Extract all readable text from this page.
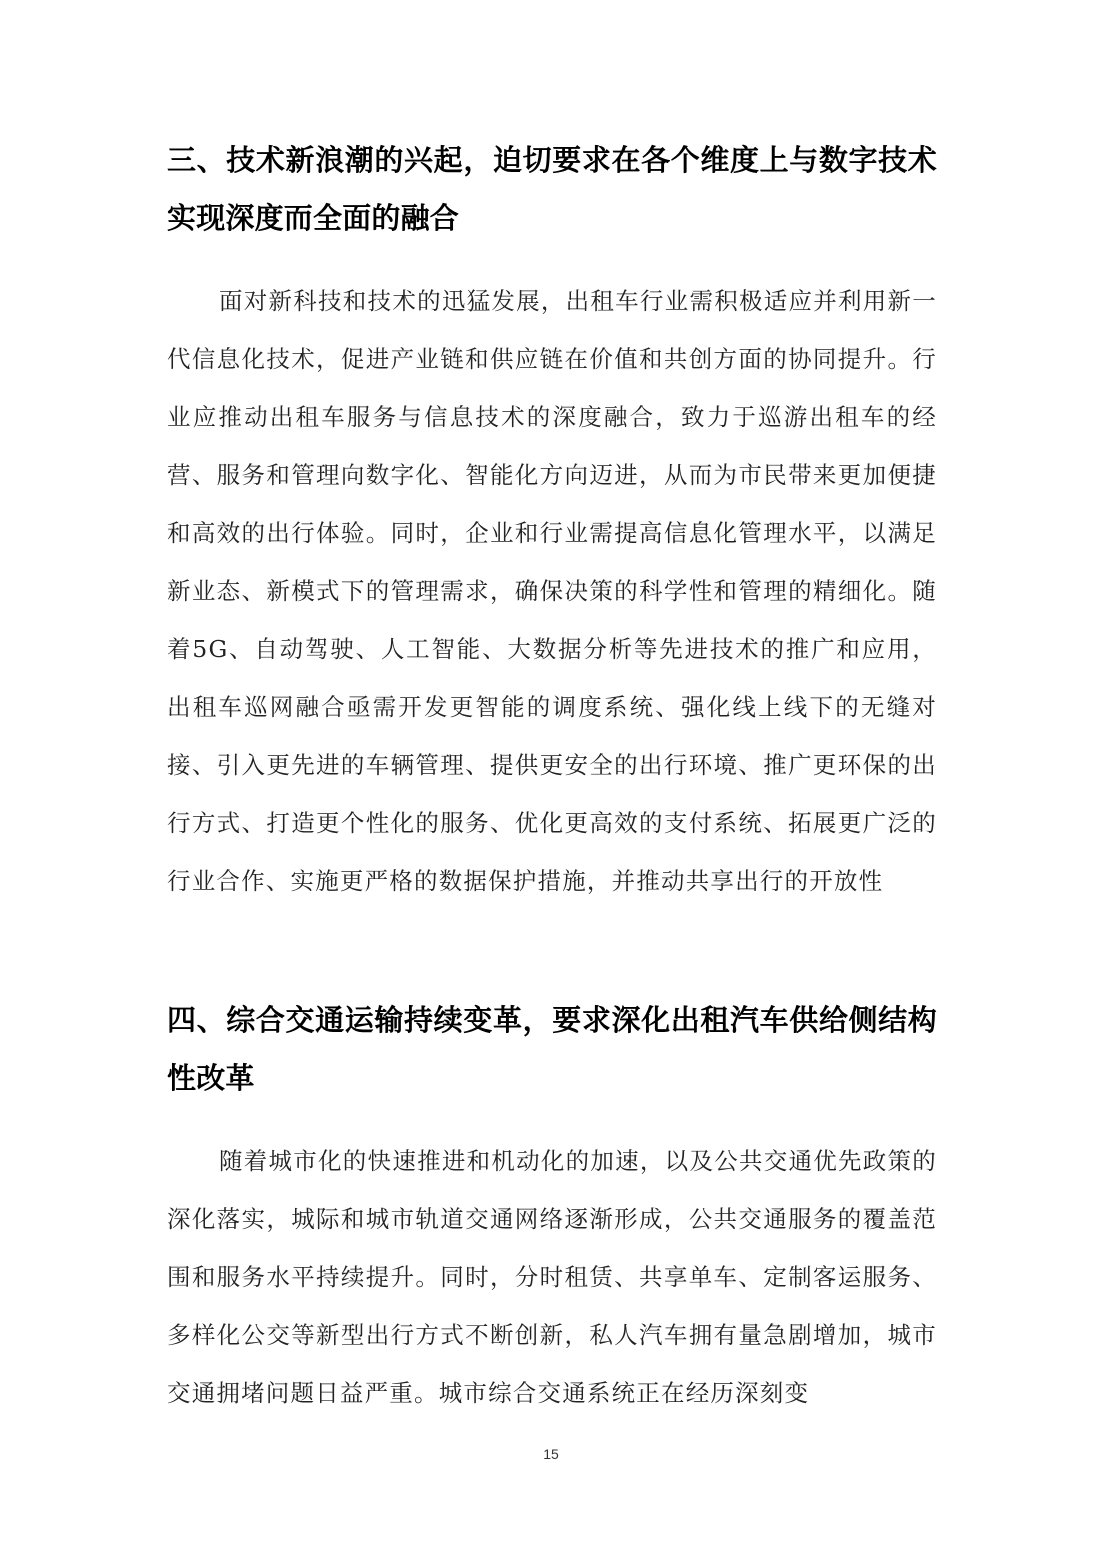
三、技术新浪潮的兴起，迫切要求在各个维度上与数字技术实现深度而全面的融合

面对新科技和技术的迅猛发展，出租车行业需积极适应并利用新一代信息化技术，促进产业链和供应链在价值和共创方面的协同提升。行业应推动出租车服务与信息技术的深度融合，致力于巡游出租车的经营、服务和管理向数字化、智能化方向迈进，从而为市民带来更加便捷和高效的出行体验。同时，企业和行业需提高信息化管理水平，以满足新业态、新模式下的管理需求，确保决策的科学性和管理的精细化。随着5G、自动驾驶、人工智能、大数据分析等先进技术的推广和应用，出租车巡网融合亟需开发更智能的调度系统、强化线上线下的无缝对接、引入更先进的车辆管理、提供更安全的出行环境、推广更环保的出行方式、打造更个性化的服务、优化更高效的支付系统、拓展更广泛的行业合作、实施更严格的数据保护措施，并推动共享出行的开放性

四、综合交通运输持续变革，要求深化出租汽车供给侧结构性改革

随着城市化的快速推进和机动化的加速，以及公共交通优先政策的深化落实，城际和城市轨道交通网络逐渐形成，公共交通服务的覆盖范围和服务水平持续提升。同时，分时租赁、共享单车、定制客运服务、多样化公交等新型出行方式不断创新，私人汽车拥有量急剧增加，城市交通拥堵问题日益严重。城市综合交通系统正在经历深刻变

15
